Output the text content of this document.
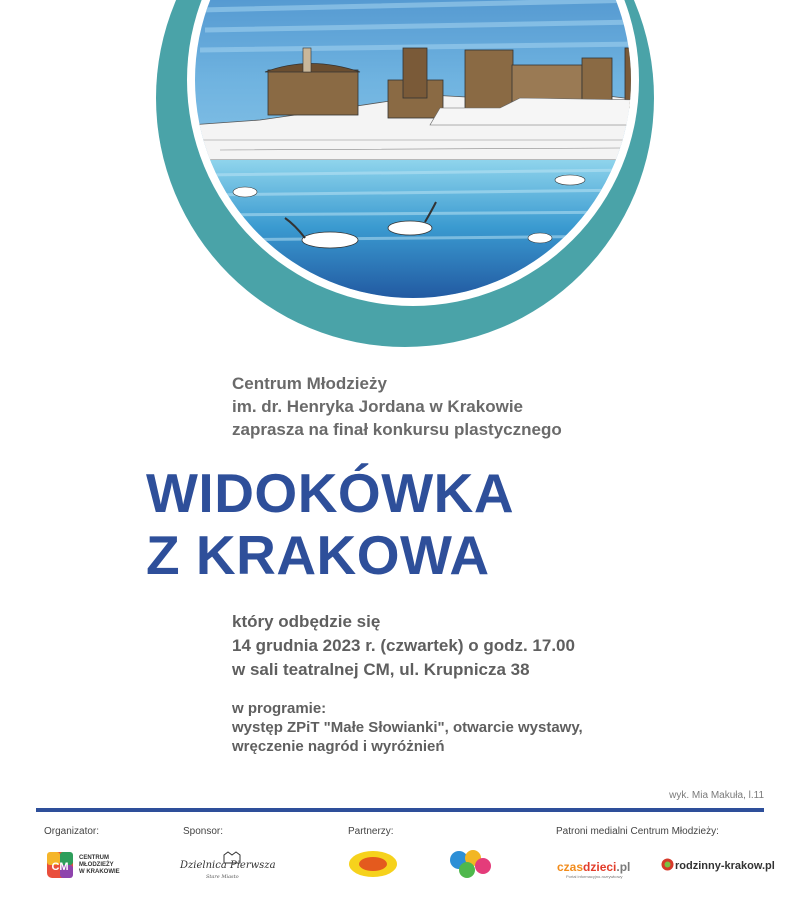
Centrum Młodzieży
im. dr. Henryka Jordana w Krakowie
zaprasza na finał konkursu plastycznego
WIDOKÓWKA
Z KRAKOWA
który odbędzie się
14 grudnia 2023 r. (czwartek) o godz. 17.00
w sali teatralnej CM, ul. Krupnicza 38
w programie:
występ ZPiT "Małe Słowianki", otwarcie wystawy,
wręczenie nagród i wyróżnień
wyk. Mia Makuła, l.11
Organizator:	Sponsor:	Partnerzy:	Patroni medialni Centrum Młodzieży:
CM
CENTRUM
MŁODZIEŻY
W KRAKOWIE
Dzielnica Pierwsza
Stare Miasto
czasdzieci.pl
Portal informacyjno-rozrywkowy
rodzinny-krakow.pl
